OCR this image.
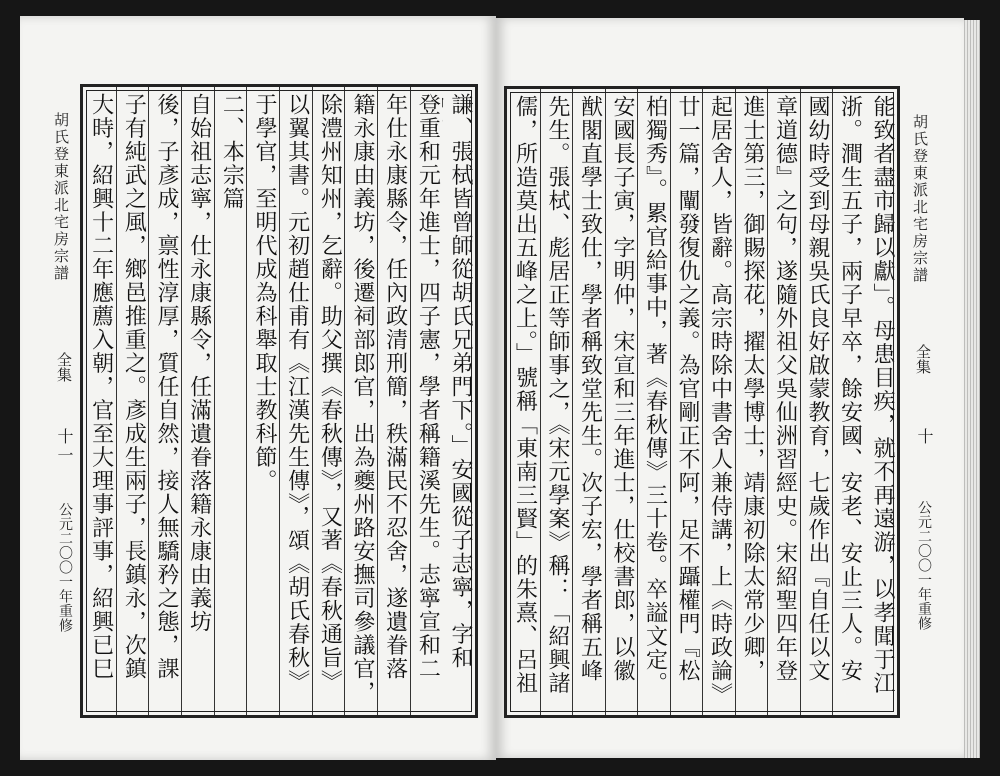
謙、張栻皆曾師從胡氏兄弟門下。」安國從子志寧，字和
登重和元年進士，四子憲，學者稱籍溪先生。志寧宣和二
年仕永康縣令，任內政清刑簡，秩滿民不忍舍，遂遺眷落
籍永康由義坊，後遷祠部郎官，出為夔州路安撫司參議官，
除澧州知州，乞辭。助父撰《春秋傳》，又著《春秋通旨》
以翼其書。元初趙仕甫有《江漢先生傳》，頌《胡氏春秋》
于學官，至明代成為科舉取士教科節。
二、本宗篇
自始祖志寧，仕永康縣令，任滿遺眷落籍永康由義坊
後，子彥成，禀性淳厚，質任自然，接人無驕矜之態，課
子有純武之風，鄉邑推重之。彥成生兩子，長鎮永，次鎮
大時，紹興十二年應薦入朝，官至大理事評事，紹興已巳
胡氏登東派北宅房宗譜
全集
十一
公元二〇〇一年重修	能致者盡市歸以獻」。母患目疾，就不再遠游，以孝聞于江
浙。澗生五子，兩子早卒，餘安國、安老、安止三人。安
國幼時受到母親吳氏良好啟蒙教育，七歲作出『自任以文
章道德』之句，遂隨外祖父吳仙洲習經史。宋紹聖四年登
進士第三，御賜探花，擢太學博士，靖康初除太常少卿，
起居舍人，皆辭。高宗時除中書舍人兼侍講，上《時政論》
廿一篇，闡發復仇之義。為官剛正不阿，足不躡權門『松
柏獨秀』。累官給事中，著《春秋傳》三十卷。卒謚文定。
安國長子寅，字明仲，宋宣和三年進士，仕校書郎，以徽
猷閣直學士致仕，學者稱致堂先生。次子宏，學者稱五峰
先生。張栻、彪居正等師事之，《宋元學案》稱：「紹興諸
儒，所造莫出五峰之上。」號稱「東南三賢」的朱熹、呂祖	胡氏登東派北宅房宗譜
全集
十
公元二〇〇一年重修
